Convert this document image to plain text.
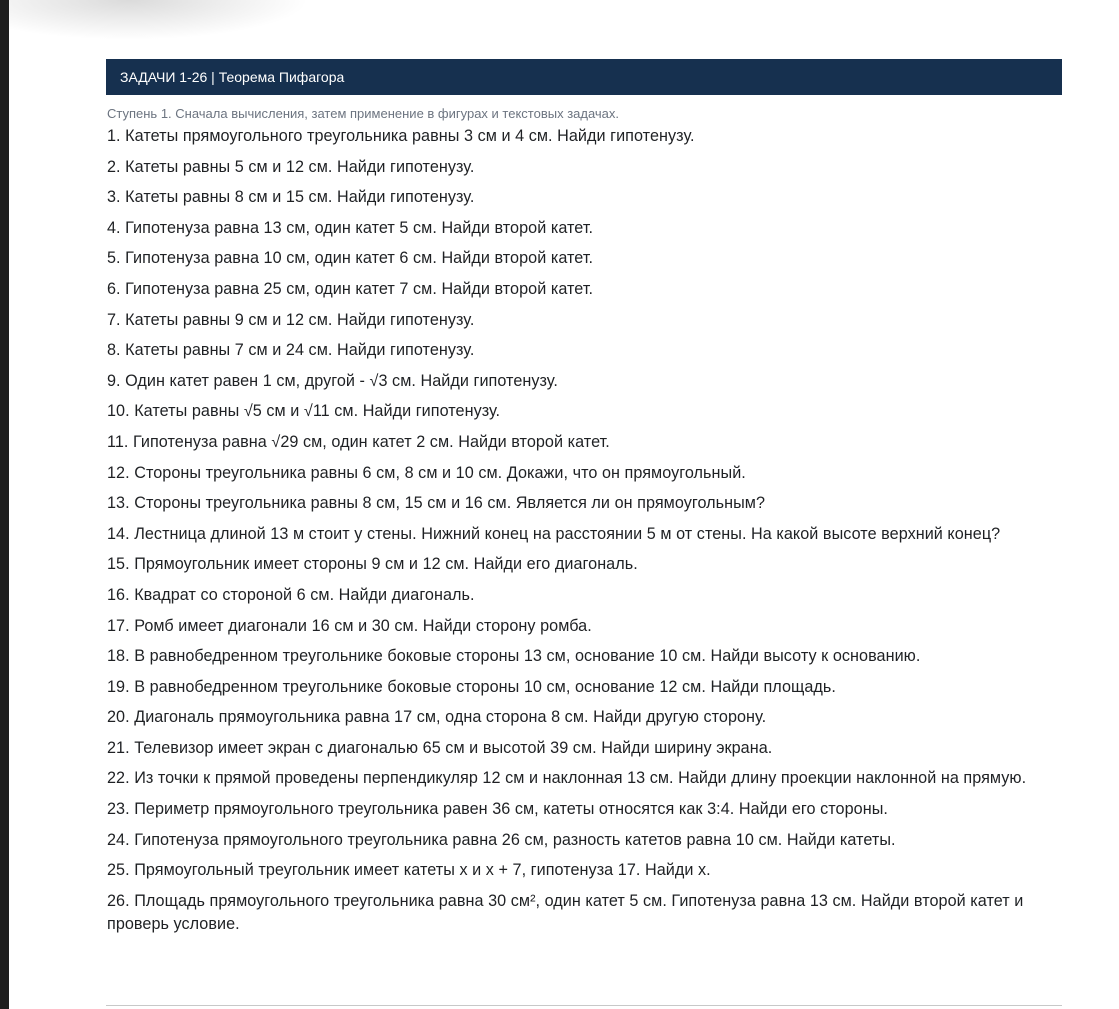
ЗАДАЧИ 1-26 | Теорема Пифагора
Ступень 1. Сначала вычисления, затем применение в фигурах и текстовых задачах.
1. Катеты прямоугольного треугольника равны 3 см и 4 см. Найди гипотенузу.
2. Катеты равны 5 см и 12 см. Найди гипотенузу.
3. Катеты равны 8 см и 15 см. Найди гипотенузу.
4. Гипотенуза равна 13 см, один катет 5 см. Найди второй катет.
5. Гипотенуза равна 10 см, один катет 6 см. Найди второй катет.
6. Гипотенуза равна 25 см, один катет 7 см. Найди второй катет.
7. Катеты равны 9 см и 12 см. Найди гипотенузу.
8. Катеты равны 7 см и 24 см. Найди гипотенузу.
9. Один катет равен 1 см, другой - √3 см. Найди гипотенузу.
10. Катеты равны √5 см и √11 см. Найди гипотенузу.
11. Гипотенуза равна √29 см, один катет 2 см. Найди второй катет.
12. Стороны треугольника равны 6 см, 8 см и 10 см. Докажи, что он прямоугольный.
13. Стороны треугольника равны 8 см, 15 см и 16 см. Является ли он прямоугольным?
14. Лестница длиной 13 м стоит у стены. Нижний конец на расстоянии 5 м от стены. На какой высоте верхний конец?
15. Прямоугольник имеет стороны 9 см и 12 см. Найди его диагональ.
16. Квадрат со стороной 6 см. Найди диагональ.
17. Ромб имеет диагонали 16 см и 30 см. Найди сторону ромба.
18. В равнобедренном треугольнике боковые стороны 13 см, основание 10 см. Найди высоту к основанию.
19. В равнобедренном треугольнике боковые стороны 10 см, основание 12 см. Найди площадь.
20. Диагональ прямоугольника равна 17 см, одна сторона 8 см. Найди другую сторону.
21. Телевизор имеет экран с диагональю 65 см и высотой 39 см. Найди ширину экрана.
22. Из точки к прямой проведены перпендикуляр 12 см и наклонная 13 см. Найди длину проекции наклонной на прямую.
23. Периметр прямоугольного треугольника равен 36 см, катеты относятся как 3:4. Найди его стороны.
24. Гипотенуза прямоугольного треугольника равна 26 см, разность катетов равна 10 см. Найди катеты.
25. Прямоугольный треугольник имеет катеты x и x + 7, гипотенуза 17. Найди x.
26. Площадь прямоугольного треугольника равна 30 см², один катет 5 см. Гипотенуза равна 13 см. Найди второй катет и проверь условие.
